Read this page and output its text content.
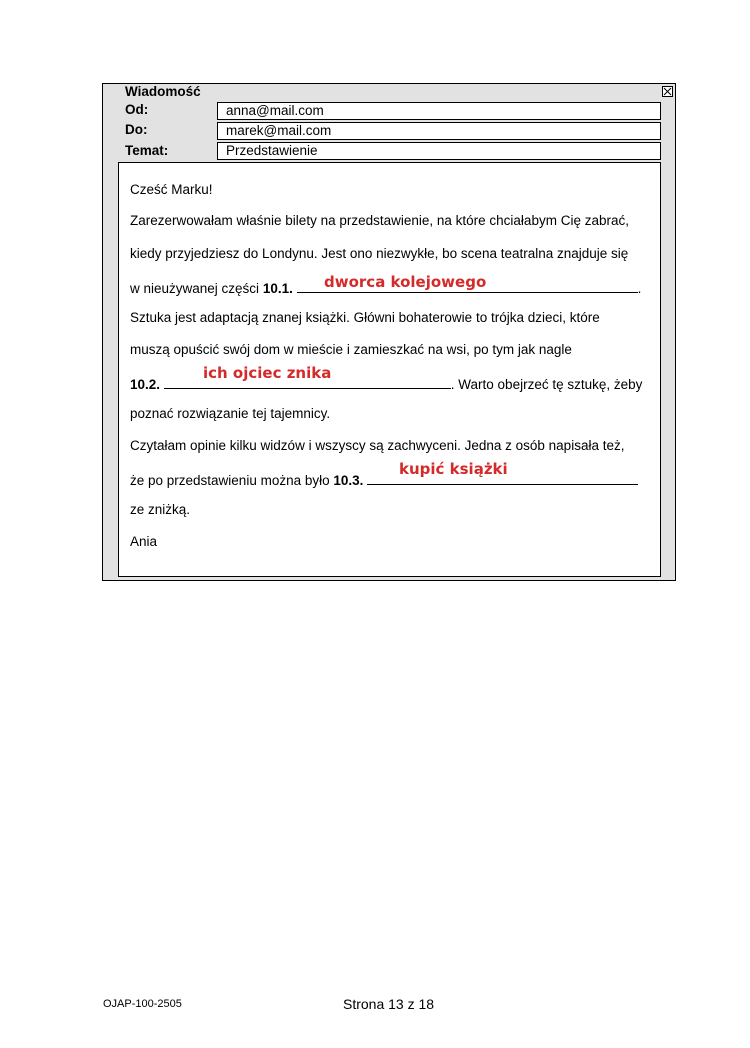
Wiadomość
Od:	anna@mail.com
Do:	marek@mail.com
Temat:	Przedstawienie
Cześć Marku!
Zarezerwowałam właśnie bilety na przedstawienie, na które chciałabym Cię zabrać,
kiedy przyjedziesz do Londynu. Jest ono niezwykłe, bo scena teatralna znajduje się
w nieużywanej części 10.1.	.
dworca kolejowego
Sztuka jest adaptacją znanej książki. Główni bohaterowie to trójka dzieci, które
muszą opuścić swój dom w mieście i zamieszkać na wsi, po tym jak nagle
10.2.	. Warto obejrzeć tę sztukę, żeby
ich ojciec znika
poznać rozwiązanie tej tajemnicy.
Czytałam opinie kilku widzów i wszyscy są zachwyceni. Jedna z osób napisała też,
że po przedstawieniu można było 10.3.
kupić książki
ze zniżką.
Ania
OJAP-100-2505	Strona 13 z 18
